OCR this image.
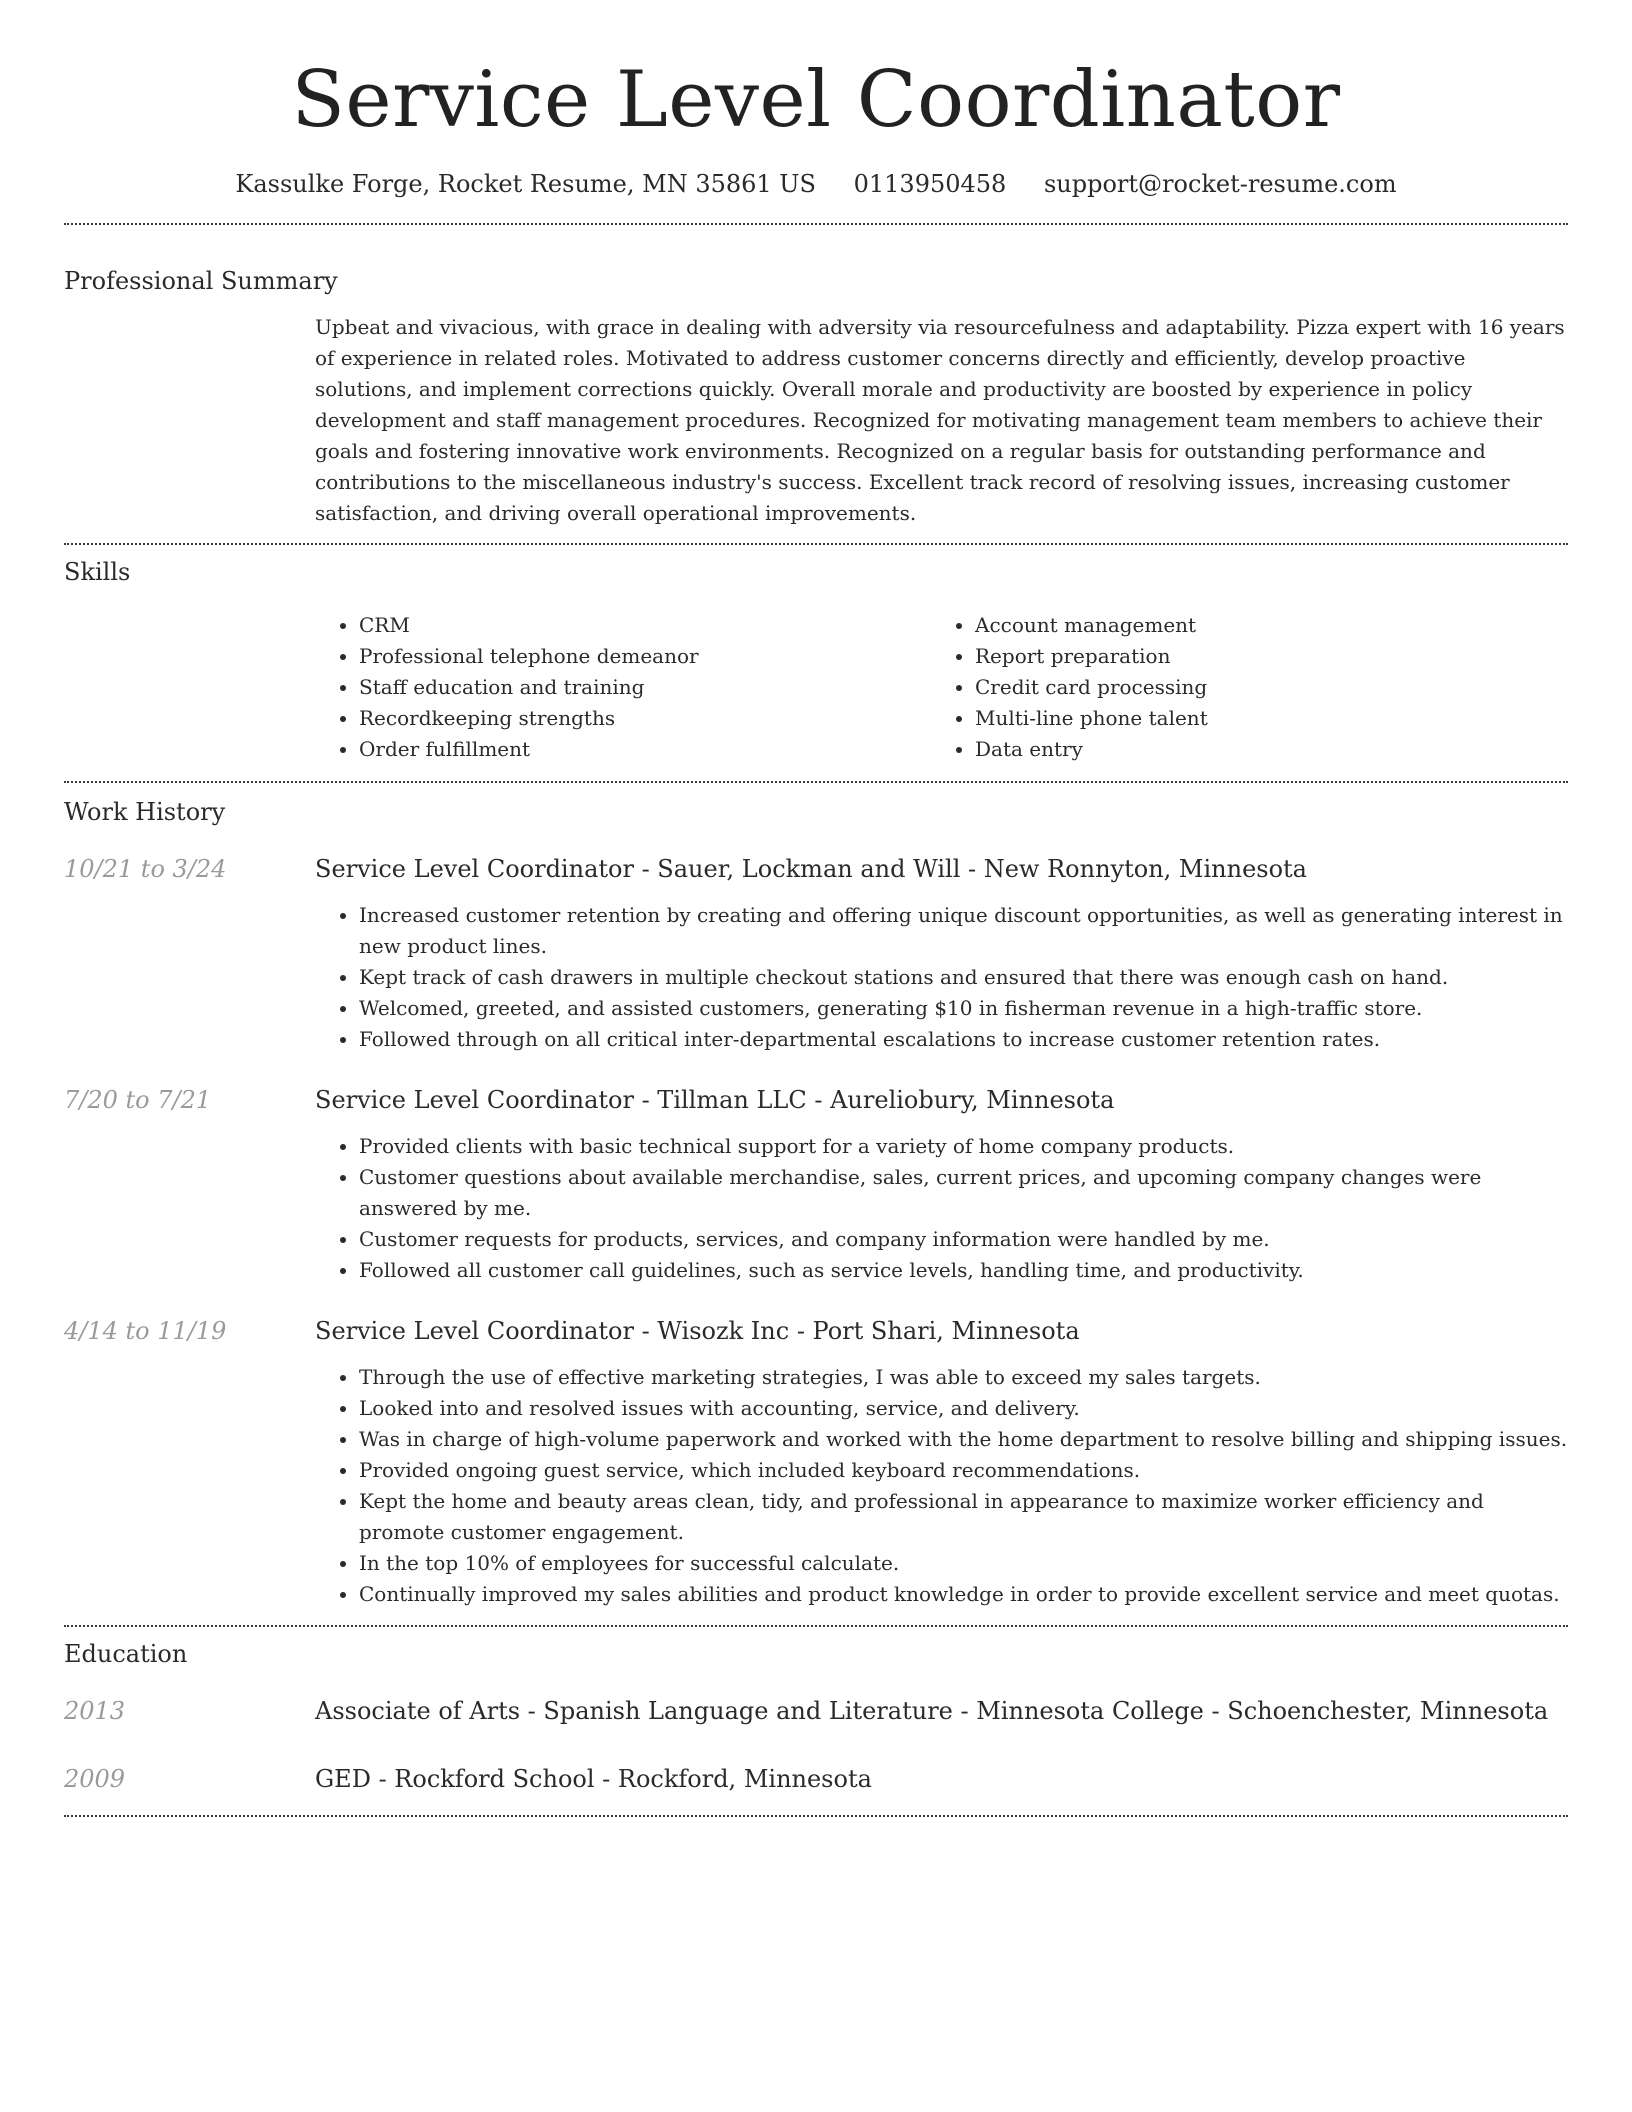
Service Level Coordinator
Kassulke Forge, Rocket Resume, MN 35861 US 0113950458 support@rocket-resume.com
Professional Summary

Upbeat and vivacious, with grace in dealing with adversity via resourcefulness and adaptability. Pizza expert with 16 years of experience in related roles. Motivated to address customer concerns directly and efficiently, develop proactive solutions, and implement corrections quickly. Overall morale and productivity are boosted by experience in policy development and staff management procedures. Recognized for motivating management team members to achieve their goals and fostering innovative work environments. Recognized on a regular basis for outstanding performance and contributions to the miscellaneous industry's success. Excellent track record of resolving issues, increasing customer satisfaction, and driving overall operational improvements.

Skills
• CRM
• Professional telephone demeanor
• Staff education and training
• Recordkeeping strengths
• Order fulfillment
• Account management
• Report preparation
• Credit card processing
• Multi-line phone talent
• Data entry
Work History
10/21 to 3/24	Service Level Coordinator - Sauer, Lockman and Will - New Ronnyton, Minnesota
• Increased customer retention by creating and offering unique discount opportunities, as well as generating interest in new product lines.
• Kept track of cash drawers in multiple checkout stations and ensured that there was enough cash on hand.
• Welcomed, greeted, and assisted customers, generating $10 in fisherman revenue in a high-traffic store.
• Followed through on all critical inter-departmental escalations to increase customer retention rates.
7/20 to 7/21	Service Level Coordinator - Tillman LLC - Aureliobury, Minnesota
• Provided clients with basic technical support for a variety of home company products.
• Customer questions about available merchandise, sales, current prices, and upcoming company changes were answered by me.
• Customer requests for products, services, and company information were handled by me.
• Followed all customer call guidelines, such as service levels, handling time, and productivity.
4/14 to 11/19	Service Level Coordinator - Wisozk Inc - Port Shari, Minnesota
• Through the use of effective marketing strategies, I was able to exceed my sales targets.
• Looked into and resolved issues with accounting, service, and delivery.
• Was in charge of high-volume paperwork and worked with the home department to resolve billing and shipping issues.
• Provided ongoing guest service, which included keyboard recommendations.
• Kept the home and beauty areas clean, tidy, and professional in appearance to maximize worker efficiency and promote customer engagement.
• In the top 10% of employees for successful calculate.
• Continually improved my sales abilities and product knowledge in order to provide excellent service and meet quotas.
Education
2013	Associate of Arts - Spanish Language and Literature - Minnesota College - Schoenchester, Minnesota
2009	GED - Rockford School - Rockford, Minnesota
